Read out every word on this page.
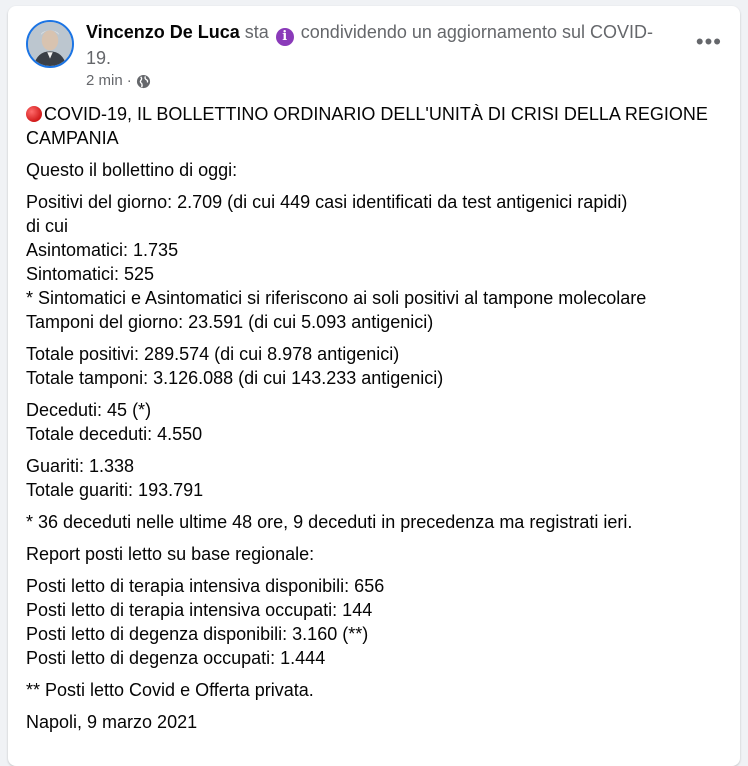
Vincenzo De Luca sta i condividendo un aggiornamento sul COVID-19.
2 min ·
•••
COVID-19, IL BOLLETTINO ORDINARIO DELL'UNITÀ DI CRISI DELLA REGIONE CAMPANIA
Questo il bollettino di oggi:
Positivi del giorno: 2.709 (di cui 449 casi identificati da test antigenici rapidi)
di cui
Asintomatici: 1.735
Sintomatici: 525
* Sintomatici e Asintomatici si riferiscono ai soli positivi al tampone molecolare
Tamponi del giorno: 23.591 (di cui 5.093 antigenici)
Totale positivi: 289.574 (di cui 8.978 antigenici)
Totale tamponi: 3.126.088 (di cui 143.233 antigenici)
Deceduti: 45 (*)
Totale deceduti: 4.550
Guariti: 1.338
Totale guariti: 193.791
* 36 deceduti nelle ultime 48 ore, 9 deceduti in precedenza ma registrati ieri.
Report posti letto su base regionale:
Posti letto di terapia intensiva disponibili: 656
Posti letto di terapia intensiva occupati: 144
Posti letto di degenza disponibili: 3.160 (**)
Posti letto di degenza occupati: 1.444
** Posti letto Covid e Offerta privata.
Napoli, 9 marzo 2021
